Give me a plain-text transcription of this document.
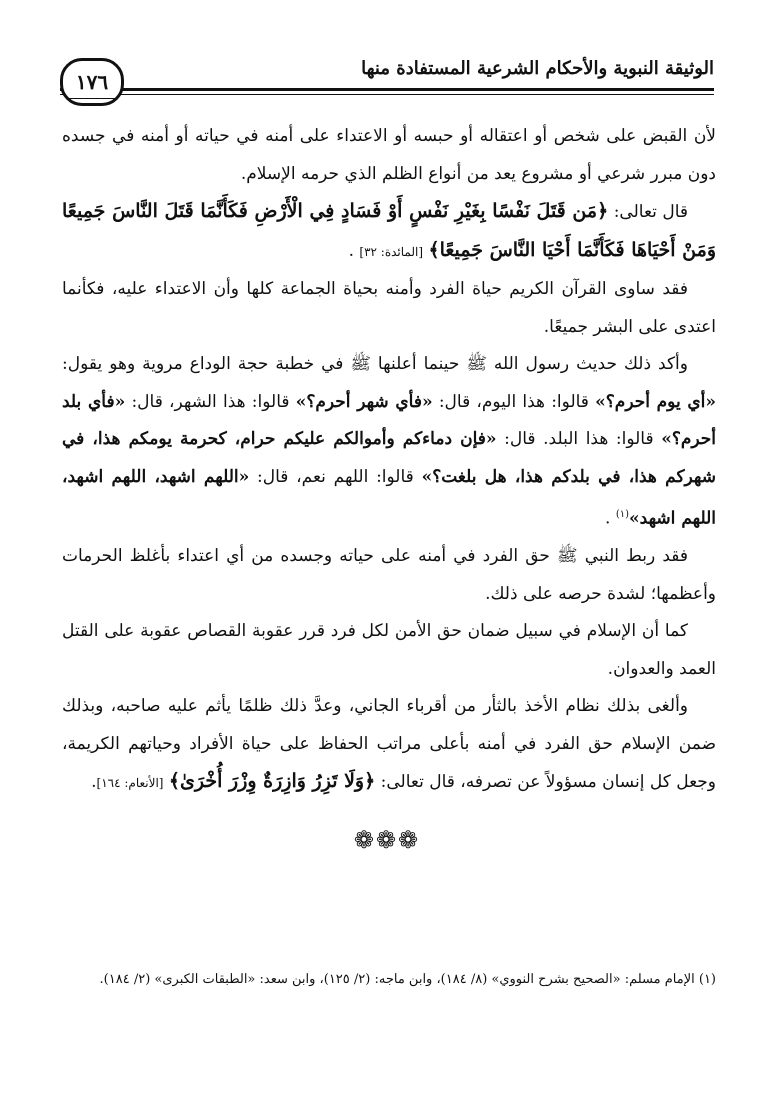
الوثيقة النبوية والأحكام الشرعية المستفادة منها
١٧٦

لأن القبض على شخص أو اعتقاله أو حبسه أو الاعتداء على أمنه في حياته أو أمنه في جسده دون مبرر شرعي أو مشروع يعد من أنواع الظلم الذي حرمه الإسلام.

قال تعالى: ﴿مَن قَتَلَ نَفْسًا بِغَيْرِ نَفْسٍ أَوْ فَسَادٍ فِي الْأَرْضِ فَكَأَنَّمَا قَتَلَ النَّاسَ جَمِيعًا وَمَنْ أَحْيَاهَا فَكَأَنَّمَا أَحْيَا النَّاسَ جَمِيعًا﴾ [المائدة: ٣٢] .

فقد ساوى القرآن الكريم حياة الفرد وأمنه بحياة الجماعة كلها وأن الاعتداء عليه، فكأنما اعتدى على البشر جميعًا.

وأكد ذلك حديث رسول الله ﷺ حينما أعلنها ﷺ في خطبة حجة الوداع مروية وهو يقول: «أي يوم أحرم؟» قالوا: هذا اليوم، قال: «فأي شهر أحرم؟» قالوا: هذا الشهر، قال: «فأي بلد أحرم؟» قالوا: هذا البلد. قال: «فإن دماءكم وأموالكم عليكم حرام، كحرمة يومكم هذا، في شهركم هذا، في بلدكم هذا، هل بلغت؟» قالوا: اللهم نعم، قال: «اللهم اشهد، اللهم اشهد، اللهم اشهد»$^{(١)}$ .

فقد ربط النبي ﷺ حق الفرد في أمنه على حياته وجسده من أي اعتداء بأغلظ الحرمات وأعظمها؛ لشدة حرصه على ذلك.

كما أن الإسلام في سبيل ضمان حق الأمن لكل فرد قرر عقوبة القصاص عقوبة على القتل العمد والعدوان.

وألغى بذلك نظام الأخذ بالثأر من أقرباء الجاني، وعدَّ ذلك ظلمًا يأثم عليه صاحبه، وبذلك ضمن الإسلام حق الفرد في أمنه بأعلى مراتب الحفاظ على حياة الأفراد وحياتهم الكريمة، وجعل كل إنسان مسؤولاً عن تصرفه، قال تعالى: ﴿وَلَا تَزِرُ وَازِرَةٌ وِزْرَ أُخْرَىٰ﴾ [الأنعام: ١٦٤].

❁❁❁

(١) الإمام مسلم: «الصحيح بشرح النووي» (٨/ ١٨٤)، وابن ماجه: (٢/ ١٢٥)، وابن سعد: «الطبقات الكبرى» (٢/ ١٨٤).
